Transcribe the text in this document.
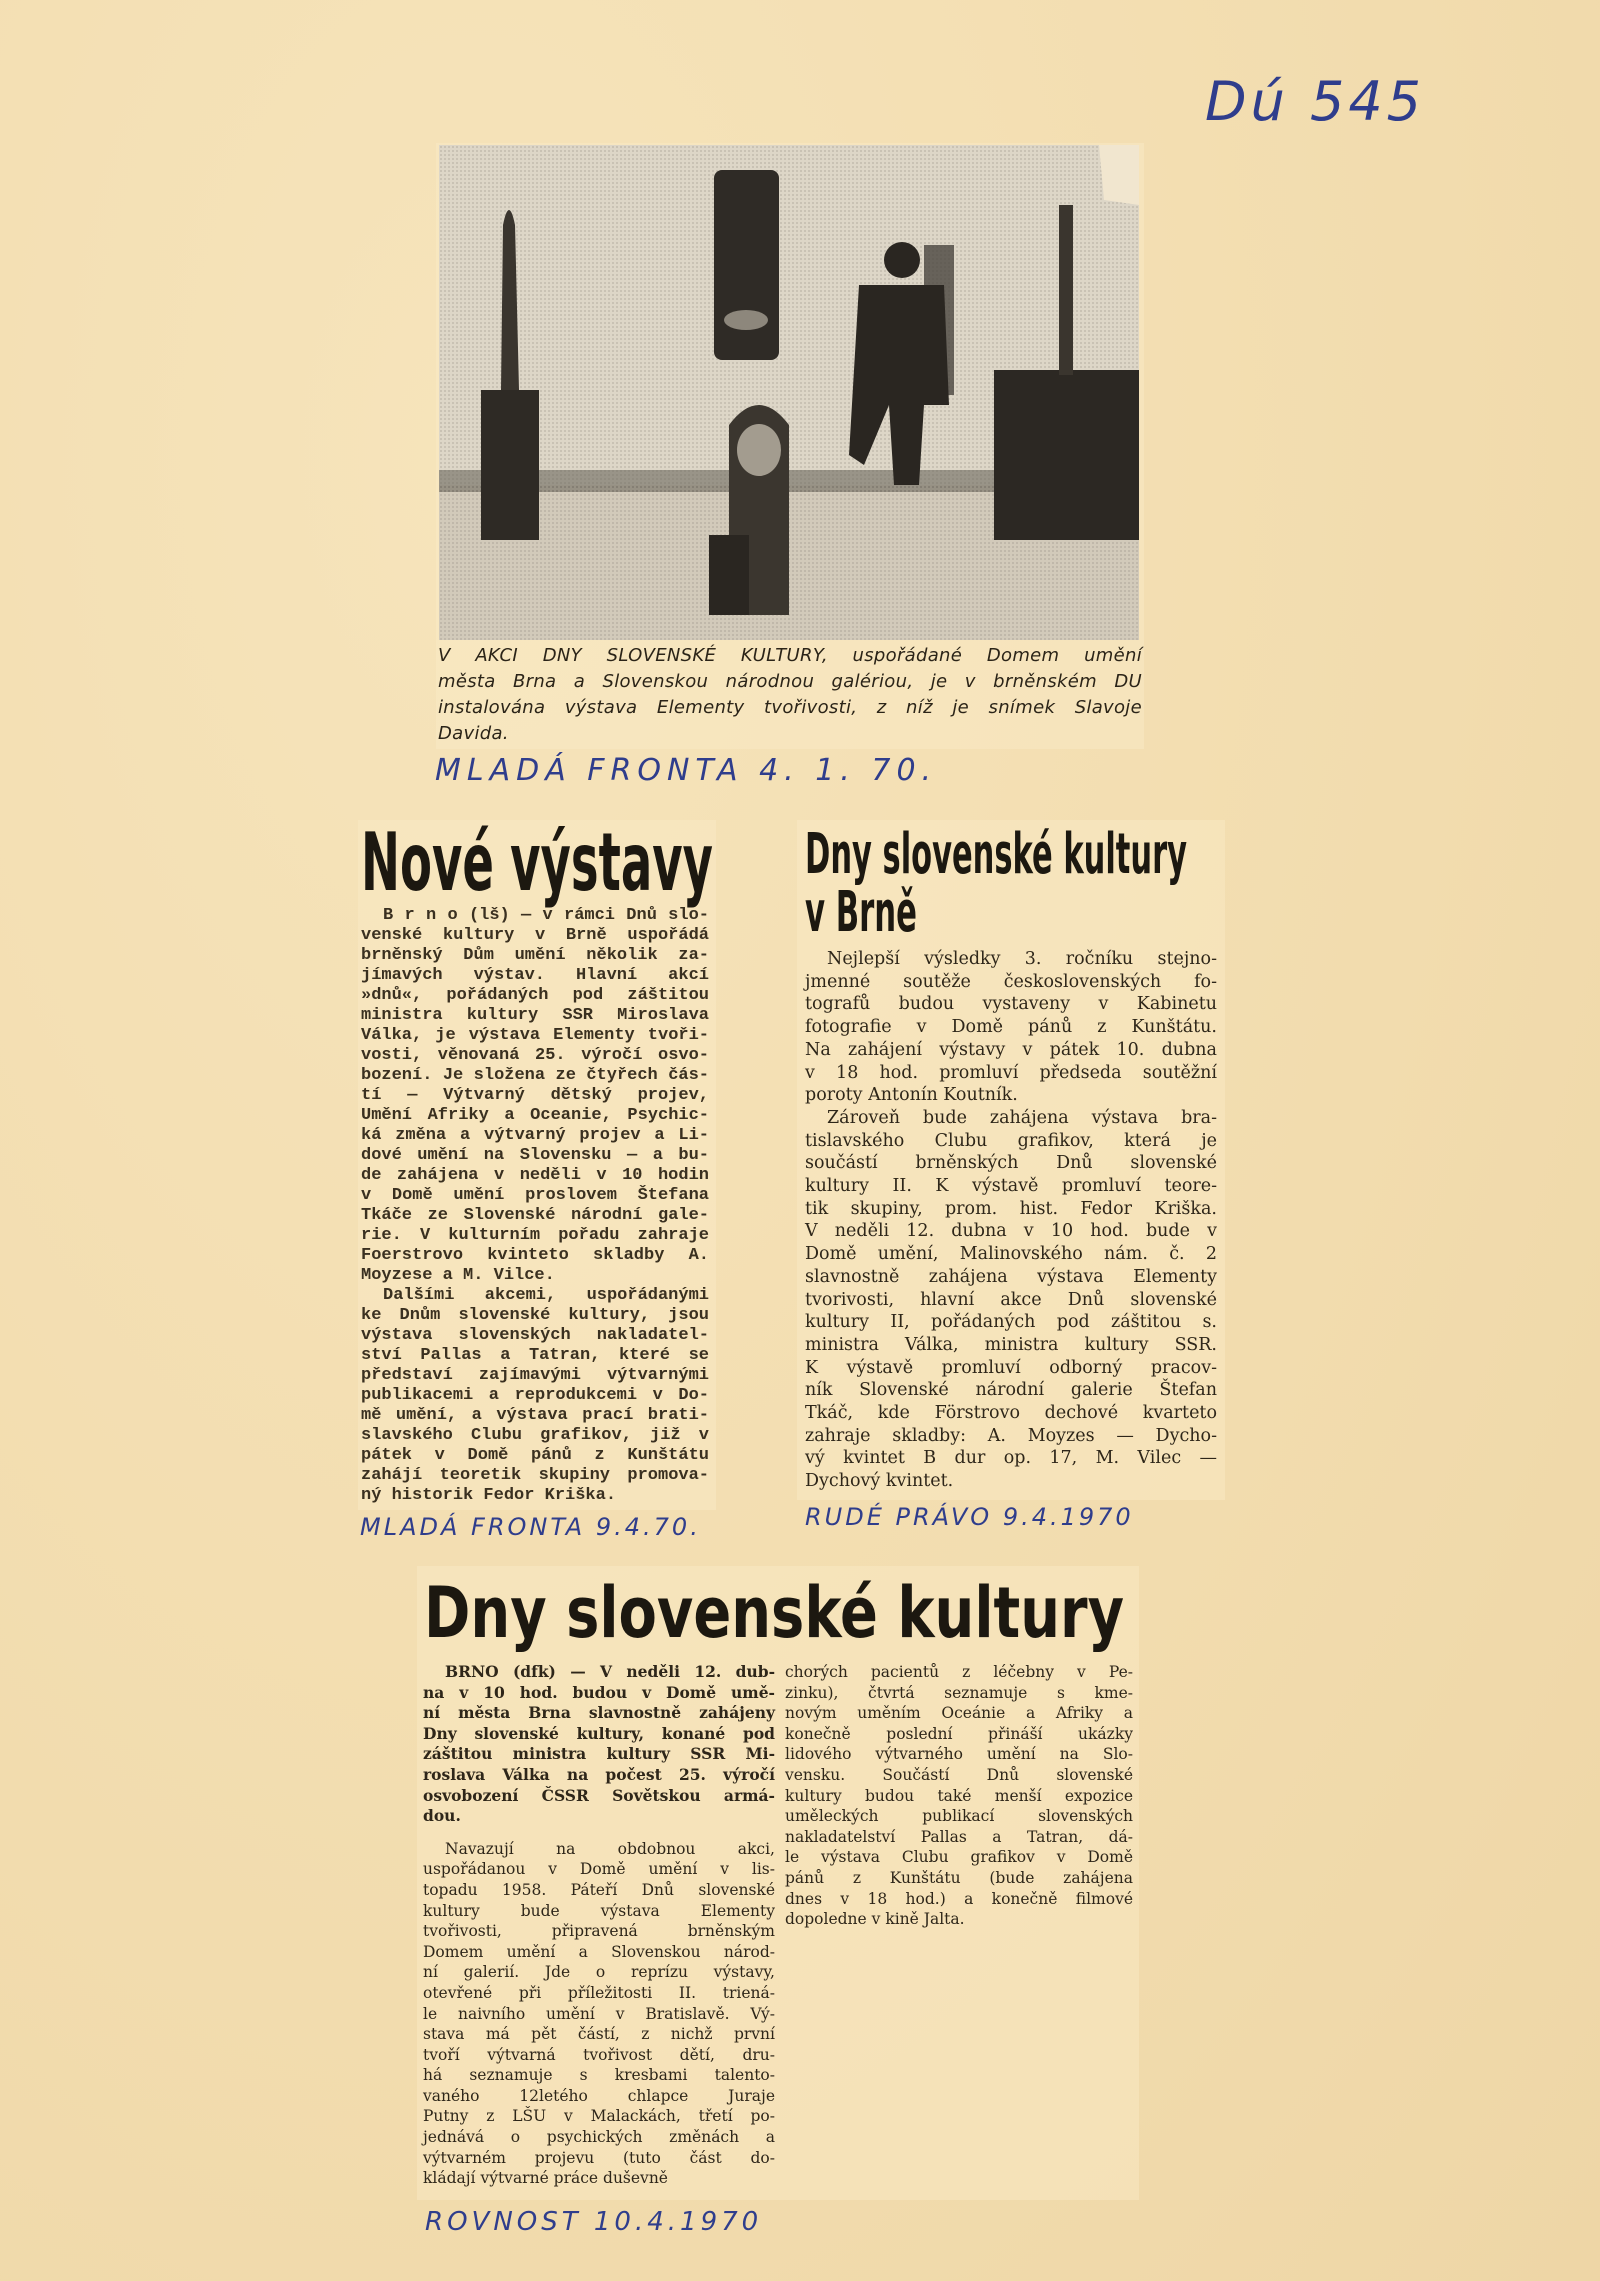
Dú 545
V AKCI DNY SLOVENSKÉ KULTURY, uspořádané Domem umění
města Brna a Slovenskou národnou galériou, je v brněnském DU
instalována výstava Elementy tvořivosti, z níž je snímek Slavoje
Davida.
MLADÁ FRONTA 4. 1. 70.
Nové výstavy
B r n o (lš) — v rámci Dnů slo-
venské kultury v Brně uspořádá
brněnský Dům umění několik za-
jímavých výstav. Hlavní akcí
»dnů«, pořádaných pod záštitou
ministra kultury SSR Miroslava
Válka, je výstava Elementy tvoři-
vosti, věnovaná 25. výročí osvo-
bození. Je složena ze čtyřech čás-
tí — Výtvarný dětský projev,
Umění Afriky a Oceanie, Psychic-
ká změna a výtvarný projev a Li-
dové umění na Slovensku — a bu-
de zahájena v neděli v 10 hodin
v Domě umění proslovem Štefana
Tkáče ze Slovenské národní gale-
rie. V kulturním pořadu zahraje
Foerstrovo kvinteto skladby A.
Moyzese a M. Vilce.
Dalšími akcemi, uspořádanými
ke Dnům slovenské kultury, jsou
výstava slovenských nakladatel-
ství Pallas a Tatran, které se
představí zajímavými výtvarnými
publikacemi a reprodukcemi v Do-
mě umění, a výstava prací brati-
slavského Clubu grafikov, již v
pátek v Domě pánů z Kunštátu
zahájí teoretik skupiny promova-
ný historik Fedor Kriška.
MLADÁ FRONTA 9.4.70.
Dny slovenské kultury
v Brně
Nejlepší výsledky 3. ročníku stejno-
jmenné soutěže československých fo-
tografů budou vystaveny v Kabinetu
fotografie v Domě pánů z Kunštátu.
Na zahájení výstavy v pátek 10. dubna
v 18 hod. promluví předseda soutěžní
poroty Antonín Koutník.
Zároveň bude zahájena výstava bra-
tislavského Clubu grafikov, která je
součástí brněnských Dnů slovenské
kultury II. K výstavě promluví teore-
tik skupiny, prom. hist. Fedor Kriška.
V neděli 12. dubna v 10 hod. bude v
Domě umění, Malinovského nám. č. 2
slavnostně zahájena výstava Elementy
tvorivosti, hlavní akce Dnů slovenské
kultury II, pořádaných pod záštitou s.
ministra Válka, ministra kultury SSR.
K výstavě promluví odborný pracov-
ník Slovenské národní galerie Štefan
Tkáč, kde Förstrovo dechové kvarteto
zahraje skladby: A. Moyzes — Dycho-
vý kvintet B dur op. 17, M. Vilec —
Dychový kvintet.
RUDÉ PRÁVO 9.4.1970
Dny slovenské kultury
BRNO (dfk) — V neděli 12. dub-
na v 10 hod. budou v Domě umě-
ní města Brna slavnostně zahájeny
Dny slovenské kultury, konané pod
záštitou ministra kultury SSR Mi-
roslava Válka na počest 25. výročí
osvobození ČSSR Sovětskou armá-
dou.
Navazují na obdobnou akci,
uspořádanou v Domě umění v lis-
topadu 1958. Páteří Dnů slovenské
kultury bude výstava Elementy
tvořivosti, připravená brněnským
Domem umění a Slovenskou národ-
ní galerií. Jde o reprízu výstavy,
otevřené při příležitosti II. triená-
le naivního umění v Bratislavě. Vý-
stava má pět částí, z nichž první
tvoří výtvarná tvořivost dětí, dru-
há seznamuje s kresbami talento-
vaného 12letého chlapce Juraje
Putny z LŠU v Malackách, třetí po-
jednává o psychických změnách a
výtvarném projevu (tuto část do-
kládají výtvarné práce duševně
chorých pacientů z léčebny v Pe-
zinku), čtvrtá seznamuje s kme-
novým uměním Oceánie a Afriky a
konečně poslední přináší ukázky
lidového výtvarného umění na Slo-
vensku. Součástí Dnů slovenské
kultury budou také menší expozice
uměleckých publikací slovenských
nakladatelství Pallas a Tatran, dá-
le výstava Clubu grafikov v Domě
pánů z Kunštátu (bude zahájena
dnes v 18 hod.) a konečně filmové
dopoledne v kině Jalta.
ROVNOST 10.4.1970
